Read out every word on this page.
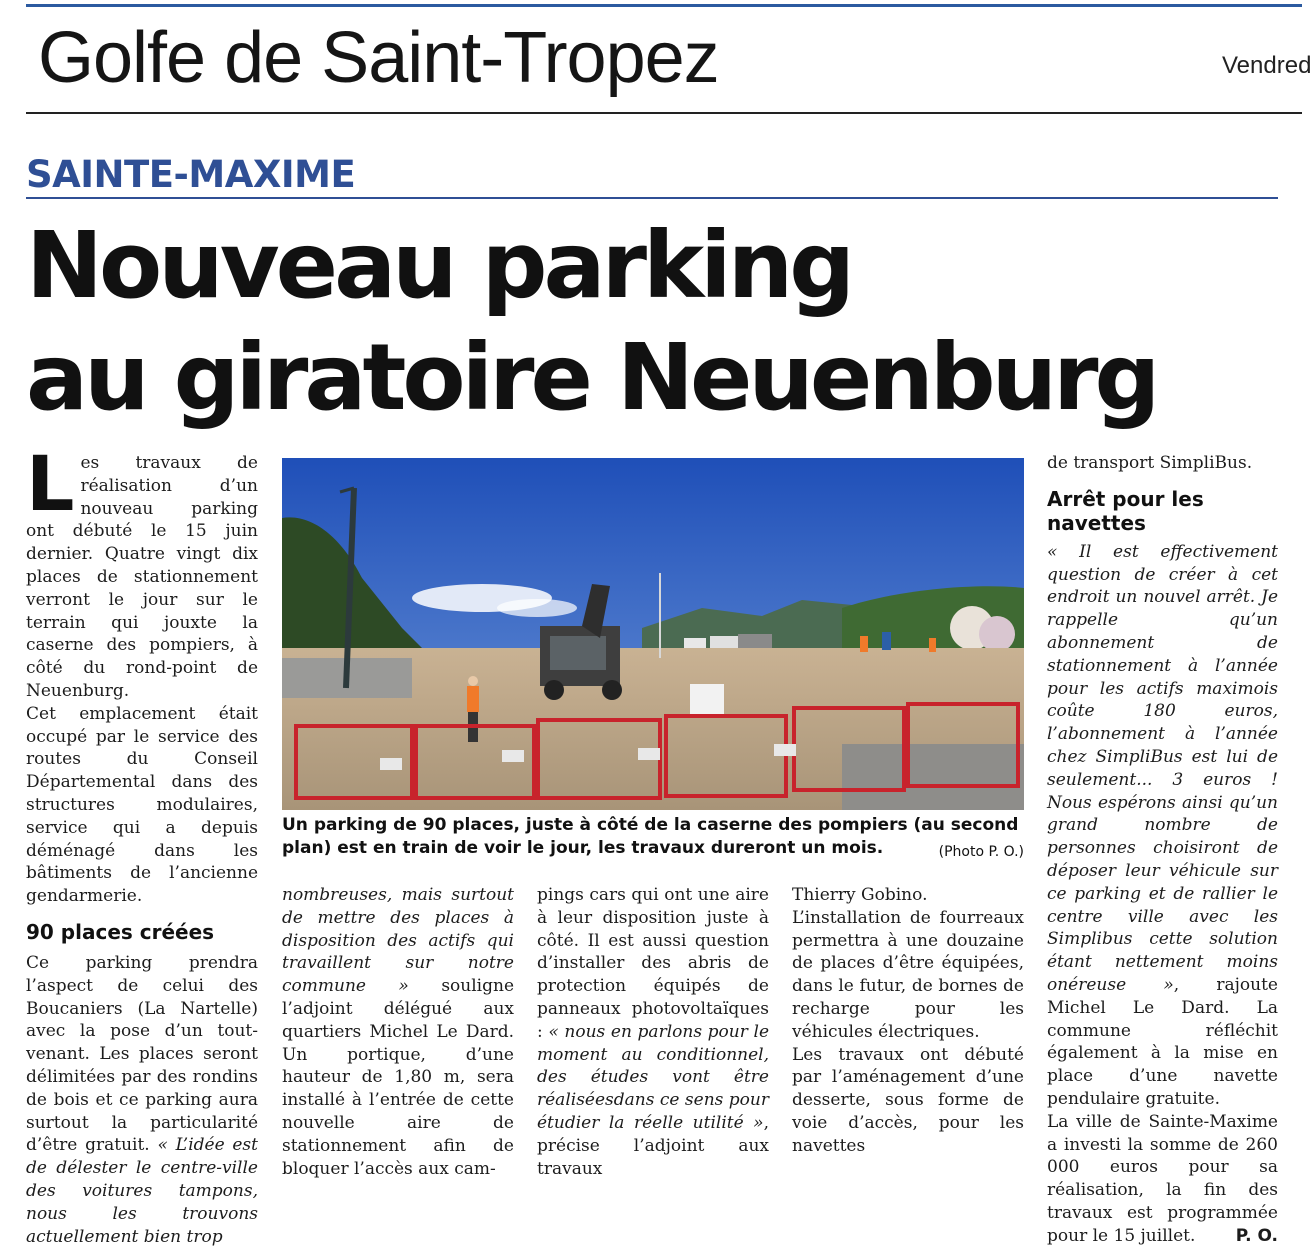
Golfe de Saint-Tropez	Vendred
SAINTE-MAXIME
Nouveau parking
au giratoire Neuenburg

Les travaux de réalisation d’un nouveau parking ont débuté le 15 juin dernier. Quatre vingt dix places de stationnement verront le jour sur le terrain qui jouxte la caserne des pompiers, à côté du rond-point de Neuenburg.

Cet emplacement était occupé par le service des routes du Conseil Départemental dans des structures modulaires, service qui a depuis déménagé dans les bâtiments de l’ancienne gendarmerie.

90 places créées

Ce parking prendra l’aspect de celui des Boucaniers (La Nartelle) avec la pose d’un tout-venant. Les places seront délimitées par des rondins de bois et ce parking aura surtout la particularité d’être gratuit. « L’idée est de délester le centre-ville des voitures tampons, nous les trouvons actuellement bien trop

Un parking de 90 places, juste à côté de la caserne des pompiers (au second plan) est en train de voir le jour, les travaux dureront un mois.	(Photo P. O.)

nombreuses, mais surtout de mettre des places à disposition des actifs qui travaillent sur notre commune » souligne l’adjoint délégué aux quartiers Michel Le Dard. Un portique, d’une hauteur de 1,80 m, sera installé à l’entrée de cette nouvelle aire de stationnement afin de bloquer l’accès aux cam-

pings cars qui ont une aire à leur disposition juste à côté. Il est aussi question d’installer des abris de protection équipés de panneaux photovoltaïques : « nous en parlons pour le moment au conditionnel, des études vont être réaliséesdans ce sens pour étudier la réelle utilité », précise l’adjoint aux travaux

Thierry Gobino.

L’installation de fourreaux permettra à une douzaine de places d’être équipées, dans le futur, de bornes de recharge pour les véhicules électriques.

Les travaux ont débuté par l’aménagement d’une desserte, sous forme de voie d’accès, pour les navettes

de transport SimpliBus.

Arrêt pour les navettes

« Il est effectivement question de créer à cet endroit un nouvel arrêt. Je rappelle qu’un abonnement de stationnement à l’année pour les actifs maximois coûte 180 euros, l’abonnement à l’année chez SimpliBus est lui de seulement... 3 euros ! Nous espérons ainsi qu’un grand nombre de personnes choisiront de déposer leur véhicule sur ce parking et de rallier le centre ville avec les Simplibus cette solution étant nettement moins onéreuse », rajoute Michel Le Dard. La commune réfléchit également à la mise en place d’une navette pendulaire gratuite.

La ville de Sainte-Maxime a investi la somme de 260 000 euros pour sa réalisation, la fin des travaux est programmée pour le 15 juillet. P. O.
